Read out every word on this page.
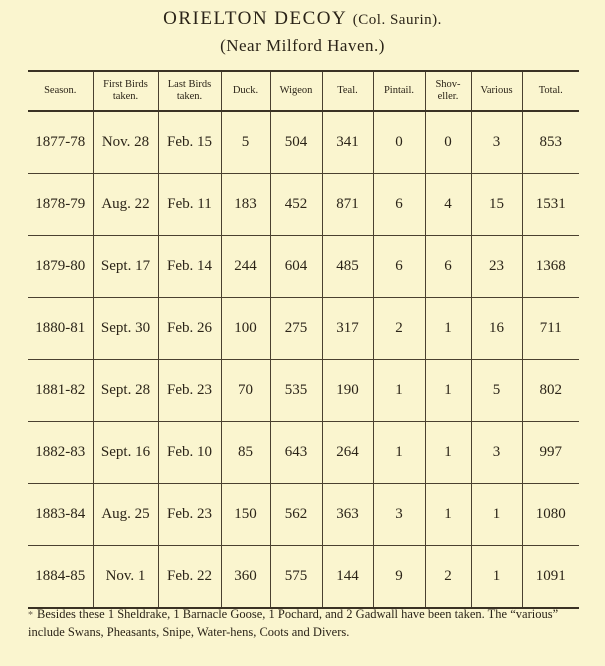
ORIELTON DECOY (Col. Saurin).
(Near Milford Haven.)
Season.	First Birds taken.	Last Birds taken.	Duck.	Wigeon	Teal.	Pintail.	Shov-eller.	Various	Total.
1877-78	Nov. 28	Feb. 15	5	504	341	0	0	3	853
1878-79	Aug. 22	Feb. 11	183	452	871	6	4	15	1531
1879-80	Sept. 17	Feb. 14	244	604	485	6	6	23	1368
1880-81	Sept. 30	Feb. 26	100	275	317	2	1	16	711
1881-82	Sept. 28	Feb. 23	70	535	190	1	1	5	802
1882-83	Sept. 16	Feb. 10	85	643	264	1	1	3	997
1883-84	Aug. 25	Feb. 23	150	562	363	3	1	1	1080
1884-85	Nov. 1	Feb. 22	360	575	144	9	2	1	1091
* Besides these 1 Sheldrake, 1 Barnacle Goose, 1 Pochard, and 2 Gadwall have been taken. The “various” include Swans, Pheasants, Snipe, Water-hens, Coots and Divers.
